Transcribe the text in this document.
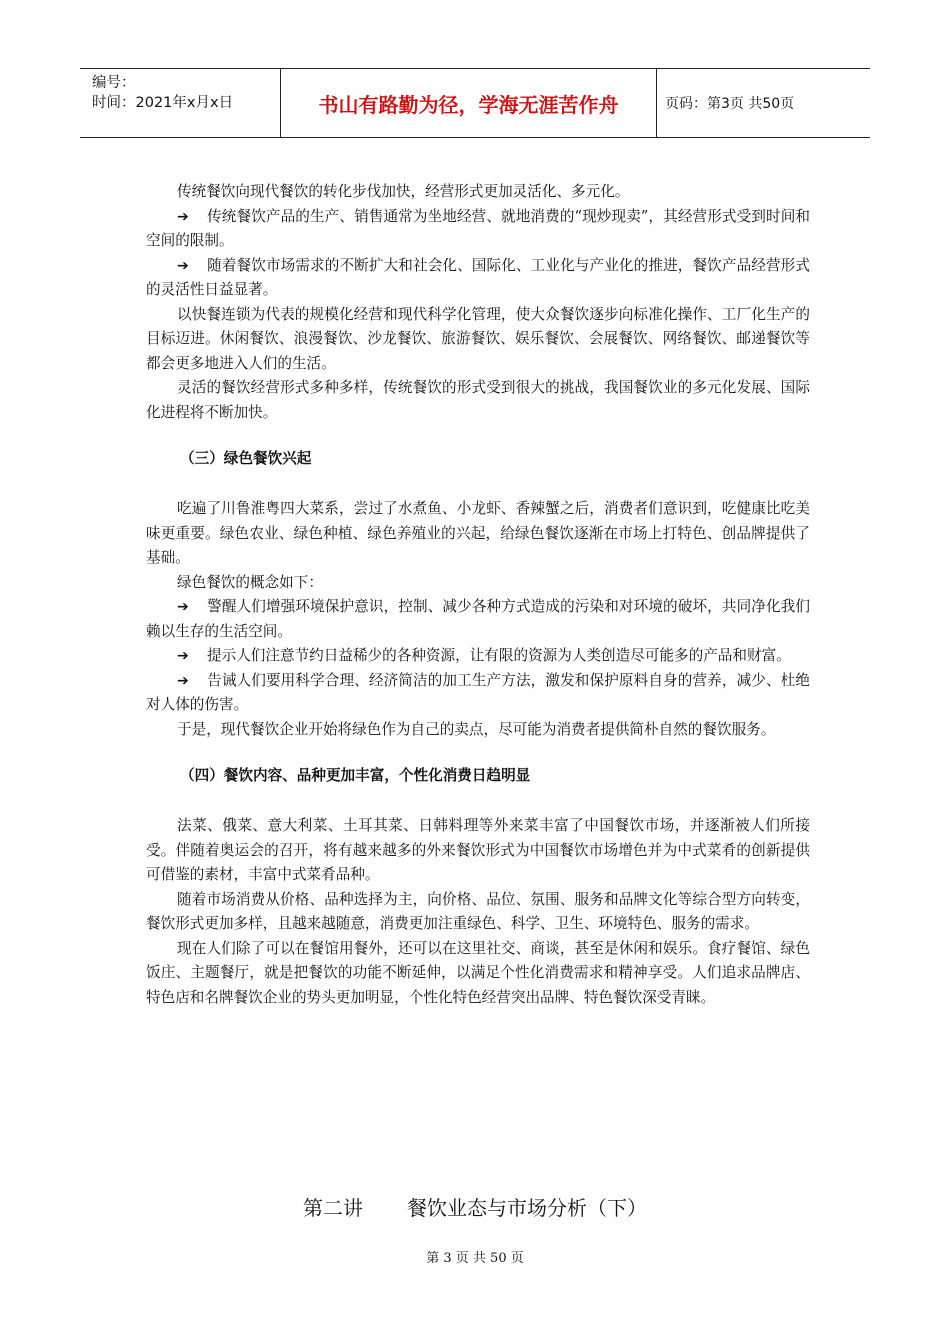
编号：
时间：2021年x月x日	书山有路勤为径，学海无涯苦作舟	页码：第3页 共50页

传统餐饮向现代餐饮的转化步伐加快，经营形式更加灵活化、多元化。

➔ 传统餐饮产品的生产、销售通常为坐地经营、就地消费的“现炒现卖”，其经营形式受到时间和空间的限制。

➔ 随着餐饮市场需求的不断扩大和社会化、国际化、工业化与产业化的推进，餐饮产品经营形式的灵活性日益显著。

以快餐连锁为代表的规模化经营和现代科学化管理，使大众餐饮逐步向标准化操作、工厂化生产的目标迈进。休闲餐饮、浪漫餐饮、沙龙餐饮、旅游餐饮、娱乐餐饮、会展餐饮、网络餐饮、邮递餐饮等都会更多地进入人们的生活。

灵活的餐饮经营形式多种多样，传统餐饮的形式受到很大的挑战，我国餐饮业的多元化发展、国际化进程将不断加快。

（三）绿色餐饮兴起

吃遍了川鲁淮粤四大菜系，尝过了水煮鱼、小龙虾、香辣蟹之后，消费者们意识到，吃健康比吃美味更重要。绿色农业、绿色种植、绿色养殖业的兴起，给绿色餐饮逐渐在市场上打特色、创品牌提供了基础。

绿色餐饮的概念如下：

➔ 警醒人们增强环境保护意识，控制、减少各种方式造成的污染和对环境的破坏，共同净化我们赖以生存的生活空间。

➔ 提示人们注意节约日益稀少的各种资源，让有限的资源为人类创造尽可能多的产品和财富。

➔ 告诫人们要用科学合理、经济简洁的加工生产方法，激发和保护原料自身的营养，减少、杜绝对人体的伤害。

于是，现代餐饮企业开始将绿色作为自己的卖点，尽可能为消费者提供简朴自然的餐饮服务。

（四）餐饮内容、品种更加丰富，个性化消费日趋明显

法菜、俄菜、意大利菜、土耳其菜、日韩料理等外来菜丰富了中国餐饮市场，并逐渐被人们所接受。伴随着奥运会的召开，将有越来越多的外来餐饮形式为中国餐饮市场增色并为中式菜肴的创新提供可借鉴的素材，丰富中式菜肴品种。

随着市场消费从价格、品种选择为主，向价格、品位、氛围、服务和品牌文化等综合型方向转变，餐饮形式更加多样，且越来越随意，消费更加注重绿色、科学、卫生、环境特色、服务的需求。

现在人们除了可以在餐馆用餐外，还可以在这里社交、商谈，甚至是休闲和娱乐。食疗餐馆、绿色饭庄、主题餐厅，就是把餐饮的功能不断延伸，以满足个性化消费需求和精神享受。人们追求品牌店、特色店和名牌餐饮企业的势头更加明显，个性化特色经营突出品牌、特色餐饮深受青睐。

第二讲 餐饮业态与市场分析（下）
第 3 页 共 50 页
